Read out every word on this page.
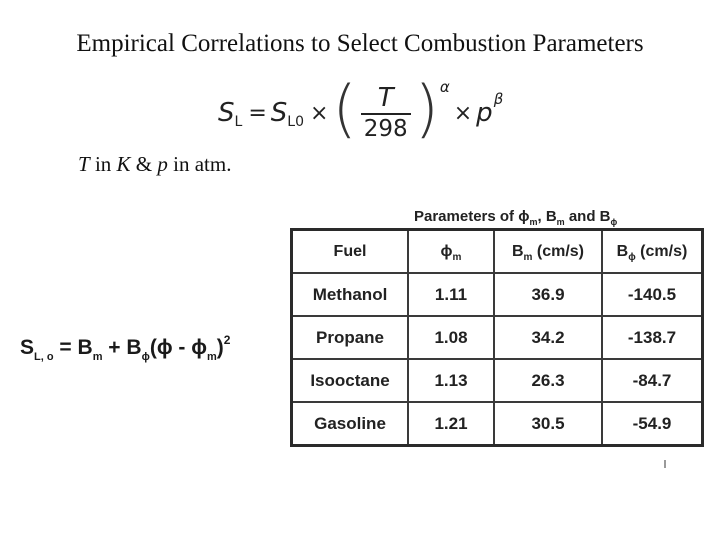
Empirical Correlations to Select Combustion Parameters
S L = S L0 × ( $\frac{T}{298}$ ) α
× p β
T in K & p in atm.
$S_{L, o} = B_m + B_\phi(\phi - \phi_m)^2$
Parameters of $\phi_m$, $B_m$ and $B_\phi$
Fuel	$\phi_m$	$B_m$ (cm/s)	$B_\phi$ (cm/s)
Methanol	1.11	36.9	-140.5
Propane	1.08	34.2	-138.7
Isooctane	1.13	26.3	-84.7
Gasoline	1.21	30.5	-54.9
